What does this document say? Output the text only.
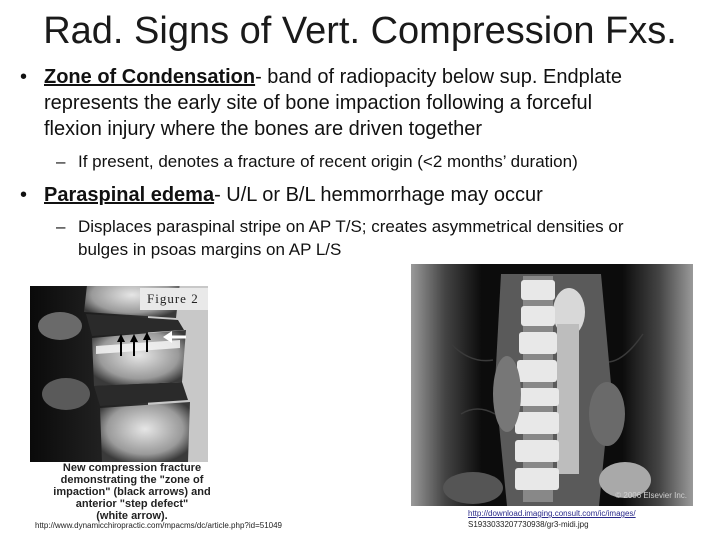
Rad. Signs of Vert. Compression Fxs.
• Zone of Condensation- band of radiopacity below sup. Endplate
represents the early site of bone impaction following a forceful
flexion injury where the bones are driven together
– If present, denotes a fracture of recent origin (<2 months’ duration)
• Paraspinal edema- U/L or B/L hemmorrhage may occur
– Displaces paraspinal stripe on AP T/S; creates asymmetrical densities or
bulges in psoas margins on AP L/S
Figure 2
New compression fracture
demonstrating the "zone of
impaction" (black arrows) and
anterior "step defect"
(white arrow).
http://www.dynamicchiropractic.com/mpacms/dc/article.php?id=51049
© 2006 Elsevier Inc.
http://download.imaging.consult.com/ic/images/
S1933033207730938/gr3-midi.jpg
